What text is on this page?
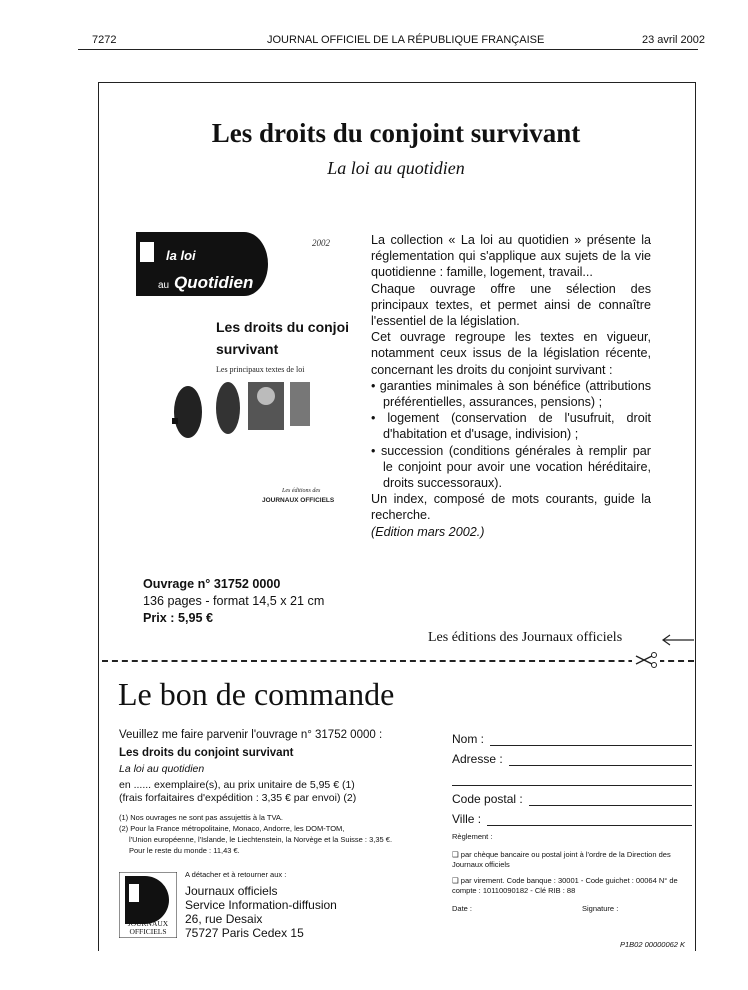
7272	JOURNAL OFFICIEL DE LA RÉPUBLIQUE FRANÇAISE	23 avril 2002
Les droits du conjoint survivant
La loi au quotidien
la loi
au Quotidien
2002
Les droits du conjoint
survivant
Les principaux textes de loi
Les éditions des
JOURNAUX OFFICIELS

La collection « La loi au quotidien » présente la réglementation qui s'applique aux sujets de la vie quotidienne : famille, logement, travail...

Chaque ouvrage offre une sélection des principaux textes, et permet ainsi de connaître l'essentiel de la législation.

Cet ouvrage regroupe les textes en vigueur, notamment ceux issus de la législation récente, concernant les droits du conjoint survivant :

• garanties minimales à son bénéfice (attributions préférentielles, assurances, pensions) ;
• logement (conservation de l'usufruit, droit d'habitation et d'usage, indivision) ;
• succession (conditions générales à remplir par le conjoint pour avoir une vocation héréditaire, droits successoraux).

Un index, composé de mots courants, guide la recherche.

(Edition mars 2002.)

Ouvrage n° 31752 0000
136 pages - format 14,5 x 21 cm
Prix : 5,95 €
Les éditions des Journaux officiels
Le bon de commande
Veuillez me faire parvenir l'ouvrage n° 31752 0000 :
Les droits du conjoint survivant
La loi au quotidien
en ...... exemplaire(s), au prix unitaire de 5,95 € (1)
(frais forfaitaires d'expédition : 3,35 € par envoi) (2)
(1) Nos ouvrages ne sont pas assujettis à la TVA.
(2) Pour la France métropolitaine, Monaco, Andorre, les DOM-TOM,
l'Union européenne, l'Islande, le Liechtenstein, la Norvège et la Suisse : 3,35 €.
Pour le reste du monde : 11,43 €.
A détacher et à retourner aux :
JOURNAUX
OFFICIELS
Journaux officiels
Service Information-diffusion
26, rue Desaix
75727 Paris Cedex 15
Nom :
Adresse :
Code postal :
Ville :
Règlement :
❑ par chèque bancaire ou postal joint à l'ordre de la Direction des Journaux officiels
❑ par virement. Code banque : 30001 - Code guichet : 00064 N° de compte : 10110090182 - Clé RIB : 88
Date :	Signature :
P1B02 00000062 K
